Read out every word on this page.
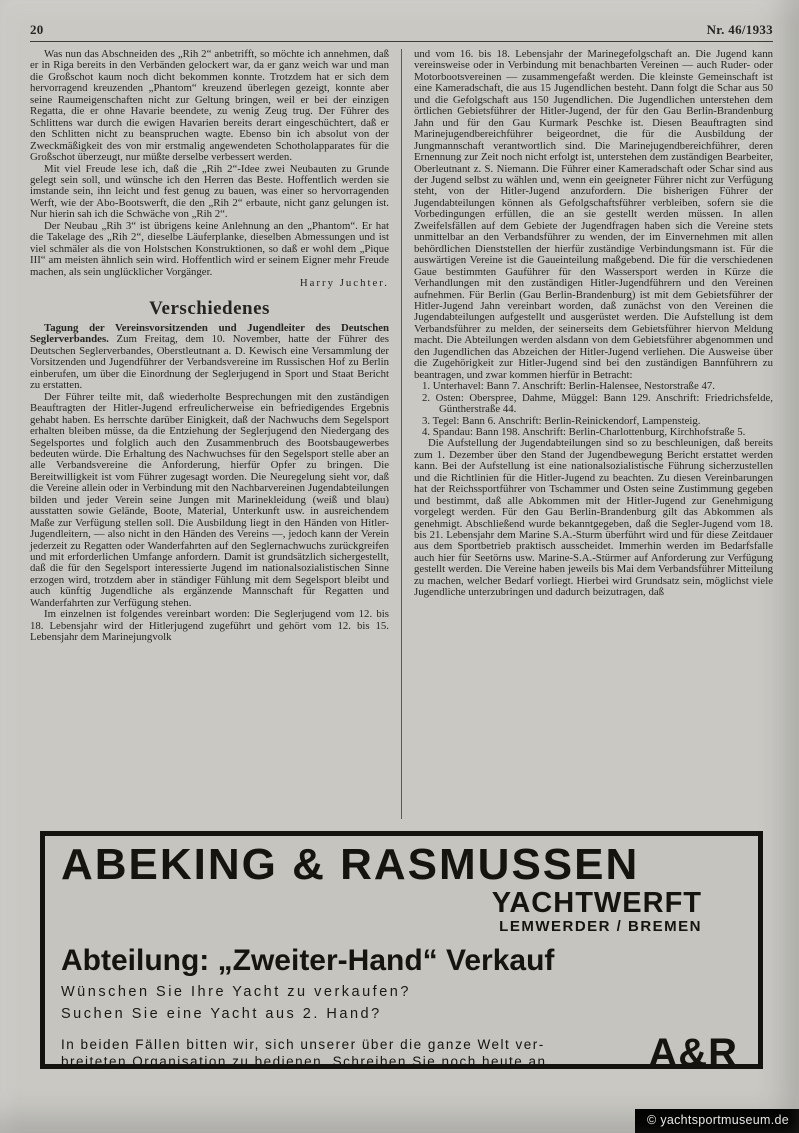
20	Nr. 46/1933

Was nun das Abschneiden des „Rih 2“ anbetrifft, so möchte ich annehmen, daß er in Riga bereits in den Verbänden gelockert war, da er ganz weich war und man die Großschot kaum noch dicht bekommen konnte. Trotzdem hat er sich dem hervorragend kreuzenden „Phantom“ kreuzend überlegen gezeigt, konnte aber seine Raumeigenschaften nicht zur Geltung bringen, weil er bei der einzigen Regatta, die er ohne Havarie beendete, zu wenig Zeug trug. Der Führer des Schlittens war durch die ewigen Havarien bereits derart eingeschüchtert, daß er den Schlitten nicht zu beanspruchen wagte. Ebenso bin ich absolut von der Zweckmäßigkeit des von mir erstmalig angewendeten Schotholapparates für die Großschot überzeugt, nur müßte derselbe verbessert werden.

Mit viel Freude lese ich, daß die „Rih 2“-Idee zwei Neubauten zu Grunde gelegt sein soll, und wünsche ich den Herren das Beste. Hoffentlich werden sie imstande sein, ihn leicht und fest genug zu bauen, was einer so hervorragenden Werft, wie der Abo-Bootswerft, die den „Rih 2“ erbaute, nicht ganz gelungen ist. Nur hierin sah ich die Schwäche von „Rih 2“.

Der Neubau „Rih 3“ ist übrigens keine Anlehnung an den „Phantom“. Er hat die Takelage des „Rih 2“, dieselbe Läuferplanke, dieselben Abmessungen und ist viel schmäler als die von Holstschen Konstruktionen, so daß er wohl dem „Pique III“ am meisten ähnlich sein wird. Hoffentlich wird er seinem Eigner mehr Freude machen, als sein unglücklicher Vorgänger.

Harry Juchter.

Verschiedenes

Tagung der Vereinsvorsitzenden und Jugendleiter des Deutschen Seglerverbandes. Zum Freitag, dem 10. November, hatte der Führer des Deutschen Seglerverbandes, Oberstleutnant a. D. Kewisch eine Versammlung der Vorsitzenden und Jugendführer der Verbandsvereine im Russischen Hof zu Berlin einberufen, um über die Einordnung der Seglerjugend in Sport und Staat Bericht zu erstatten.

Der Führer teilte mit, daß wiederholte Besprechungen mit den zuständigen Beauftragten der Hitler-Jugend erfreulicherweise ein befriedigendes Ergebnis gehabt haben. Es herrschte darüber Einigkeit, daß der Nachwuchs dem Segelsport erhalten bleiben müsse, da die Entziehung der Seglerjugend den Niedergang des Segelsportes und folglich auch den Zusammenbruch des Bootsbaugewerbes bedeuten würde. Die Erhaltung des Nachwuchses für den Segelsport stelle aber an alle Verbandsvereine die Anforderung, hierfür Opfer zu bringen. Die Bereitwilligkeit ist vom Führer zugesagt worden. Die Neuregelung sieht vor, daß die Vereine allein oder in Verbindung mit den Nachbarvereinen Jugendabteilungen bilden und jeder Verein seine Jungen mit Marinekleidung (weiß und blau) ausstatten sowie Gelände, Boote, Material, Unterkunft usw. in ausreichendem Maße zur Verfügung stellen soll. Die Ausbildung liegt in den Händen von Hitler-Jugendleitern, — also nicht in den Händen des Vereins —, jedoch kann der Verein jederzeit zu Regatten oder Wanderfahrten auf den Seglernachwuchs zurückgreifen und mit erforderlichen Umfange anfordern. Damit ist grundsätzlich sichergestellt, daß die für den Segelsport interessierte Jugend im nationalsozialistischen Sinne erzogen wird, trotzdem aber in ständiger Fühlung mit dem Segelsport bleibt und auch künftig Jugendliche als ergänzende Mannschaft für Regatten und Wanderfahrten zur Verfügung stehen.

Im einzelnen ist folgendes vereinbart worden: Die Seglerjugend vom 12. bis 18. Lebensjahr wird der Hitlerjugend zugeführt und gehört vom 12. bis 15. Lebensjahr dem Marinejungvolk

und vom 16. bis 18. Lebensjahr der Marinegefolgschaft an. Die Jugend kann vereinsweise oder in Verbindung mit benachbarten Vereinen — auch Ruder- oder Motorbootsvereinen — zusammengefaßt werden. Die kleinste Gemeinschaft ist eine Kameradschaft, die aus 15 Jugendlichen besteht. Dann folgt die Schar aus 50 und die Gefolgschaft aus 150 Jugendlichen. Die Jugendlichen unterstehen dem örtlichen Gebietsführer der Hitler-Jugend, der für den Gau Berlin-Brandenburg Jahn und für den Gau Kurmark Peschke ist. Diesen Beauftragten sind Marinejugendbereichführer beigeordnet, die für die Ausbildung der Jungmannschaft verantwortlich sind. Die Marinejugendbereichführer, deren Ernennung zur Zeit noch nicht erfolgt ist, unterstehen dem zuständigen Bearbeiter, Oberleutnant z. S. Niemann. Die Führer einer Kameradschaft oder Schar sind aus der Jugend selbst zu wählen und, wenn ein geeigneter Führer nicht zur Verfügung steht, von der Hitler-Jugend anzufordern. Die bisherigen Führer der Jugendabteilungen können als Gefolgschaftsführer verbleiben, sofern sie die Vorbedingungen erfüllen, die an sie gestellt werden müssen. In allen Zweifelsfällen auf dem Gebiete der Jugendfragen haben sich die Vereine stets unmittelbar an den Verbandsführer zu wenden, der im Einvernehmen mit allen behördlichen Dienststellen der hierfür zuständige Verbindungsmann ist. Für die auswärtigen Vereine ist die Gaueinteilung maßgebend. Die für die verschiedenen Gaue bestimmten Gauführer für den Wassersport werden in Kürze die Verhandlungen mit den zuständigen Hitler-Jugendführern und den Vereinen aufnehmen. Für Berlin (Gau Berlin-Brandenburg) ist mit dem Gebietsführer der Hitler-Jugend Jahn vereinbart worden, daß zunächst von den Vereinen die Jugendabteilungen aufgestellt und ausgerüstet werden. Die Aufstellung ist dem Verbandsführer zu melden, der seinerseits dem Gebietsführer hiervon Meldung macht. Die Abteilungen werden alsdann von dem Gebietsführer abgenommen und den Jugendlichen das Abzeichen der Hitler-Jugend verliehen. Die Ausweise über die Zugehörigkeit zur Hitler-Jugend sind bei den zuständigen Bannführern zu beantragen, und zwar kommen hierfür in Betracht:

1. Unterhavel: Bann 7. Anschrift: Berlin-Halensee, Nestorstraße 47.

2. Osten: Oberspree, Dahme, Müggel: Bann 129. Anschrift: Friedrichsfelde, Güntherstraße 44.

3. Tegel: Bann 6. Anschrift: Berlin-Reinickendorf, Lampensteig.

4. Spandau: Bann 198. Anschrift: Berlin-Charlottenburg, Kirchhofstraße 5.

Die Aufstellung der Jugendabteilungen sind so zu beschleunigen, daß bereits zum 1. Dezember über den Stand der Jugendbewegung Bericht erstattet werden kann. Bei der Aufstellung ist eine nationalsozialistische Führung sicherzustellen und die Richtlinien für die Hitler-Jugend zu beachten. Zu diesen Vereinbarungen hat der Reichssportführer von Tschammer und Osten seine Zustimmung gegeben und bestimmt, daß alle Abkommen mit der Hitler-Jugend zur Genehmigung vorgelegt werden. Für den Gau Berlin-Brandenburg gilt das Abkommen als genehmigt. Abschließend wurde bekanntgegeben, daß die Segler-Jugend vom 18. bis 21. Lebensjahr dem Marine S.A.-Sturm überführt wird und für diese Zeitdauer aus dem Sportbetrieb praktisch ausscheidet. Immerhin werden im Bedarfsfalle auch hier für Seetörns usw. Marine-S.A.-Stürmer auf Anforderung zur Verfügung gestellt werden. Die Vereine haben jeweils bis Mai dem Verbandsführer Mitteilung zu machen, welcher Bedarf vorliegt. Hierbei wird Grundsatz sein, möglichst viele Jugendliche unterzubringen und dadurch beizutragen, daß

ABEKING & RASMUSSEN
YACHTWERFT
LEMWERDER / BREMEN
Abteilung: „Zweiter-Hand“ Verkauf
Wünschen Sie Ihre Yacht zu verkaufen?
Suchen Sie eine Yacht aus 2. Hand?
In beiden Fällen bitten wir, sich unserer über die ganze Welt ver-
breiteten Organisation zu bedienen. Schreiben Sie noch heute an	A&R
© yachtsportmuseum.de
